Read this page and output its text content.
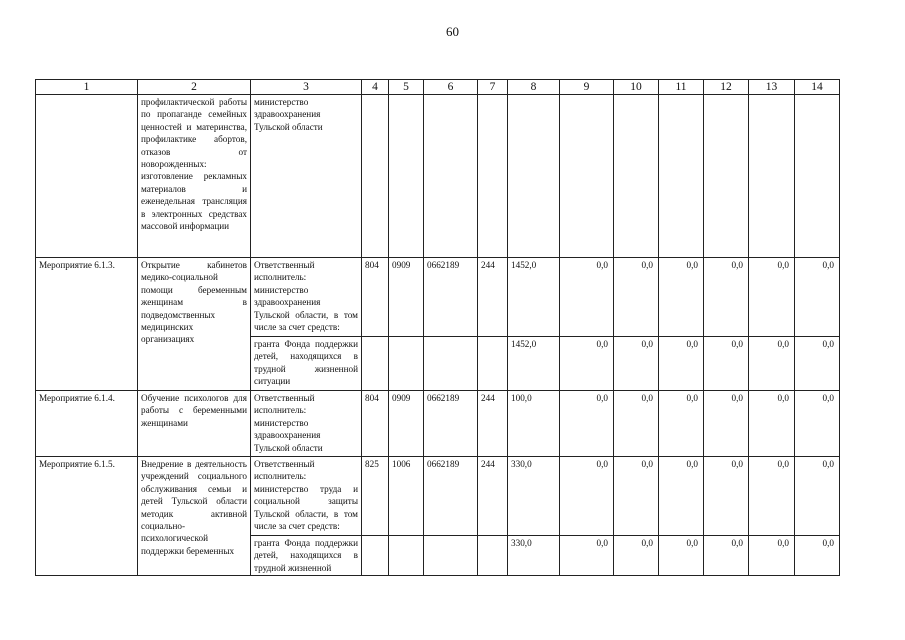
60
1	2	3	4	5	6	7	8	9	10	11	12	13	14
	профилактической работы по пропаганде семейных ценностей и материнства, профилактике абортов, отказов от новорожденных: изготовление рекламных материалов и еженедельная трансляция в электронных средствах массовой информации	министерство здравоохранения Тульской области											
Мероприятие 6.1.3.	Открытие кабинетов медико-социальной помощи беременным женщинам в подведомственных медицинских организациях	Ответственный исполнитель: министерство здравоохранения Тульской области, в том числе за счет средств:	804	0909	0662189	244	1452,0	0,0	0,0	0,0	0,0	0,0	0,0
		гранта Фонда поддержки детей, находящихся в трудной жизненной ситуации					1452,0	0,0	0,0	0,0	0,0	0,0	0,0
Мероприятие 6.1.4.	Обучение психологов для работы с беременными женщинами	Ответственный исполнитель: министерство здравоохранения Тульской области	804	0909	0662189	244	100,0	0,0	0,0	0,0	0,0	0,0	0,0
Мероприятие 6.1.5.	Внедрение в деятельность учреждений социального обслуживания семьи и детей Тульской области методик активной социально-психологической поддержки беременных	Ответственный исполнитель: министерство труда и социальной защиты Тульской области, в том числе за счет средств:	825	1006	0662189	244	330,0	0,0	0,0	0,0	0,0	0,0	0,0
		гранта Фонда поддержки детей, находящихся в трудной жизненной					330,0	0,0	0,0	0,0	0,0	0,0	0,0
